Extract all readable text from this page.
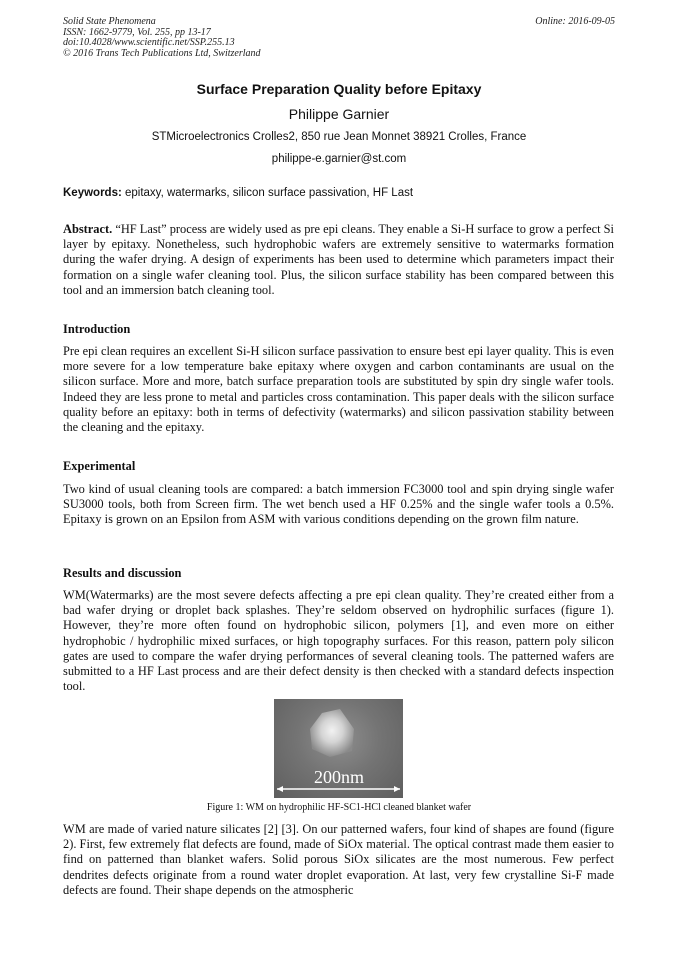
Solid State Phenomena
ISSN: 1662-9779, Vol. 255, pp 13-17
doi:10.4028/www.scientific.net/SSP.255.13
© 2016 Trans Tech Publications Ltd, Switzerland
Online: 2016-09-05
Surface Preparation Quality before Epitaxy
Philippe Garnier
STMicroelectronics Crolles2, 850 rue Jean Monnet 38921 Crolles, France
philippe-e.garnier@st.com
Keywords: epitaxy, watermarks, silicon surface passivation, HF Last

Abstract. “HF Last” process are widely used as pre epi cleans. They enable a Si-H surface to grow a perfect Si layer by epitaxy. Nonetheless, such hydrophobic wafers are extremely sensitive to watermarks formation during the wafer drying. A design of experiments has been used to determine which parameters impact their formation on a single wafer cleaning tool. Plus, the silicon surface stability has been compared between this tool and an immersion batch cleaning tool.

Introduction

Pre epi clean requires an excellent Si-H silicon surface passivation to ensure best epi layer quality. This is even more severe for a low temperature bake epitaxy where oxygen and carbon contaminants are usual on the silicon surface. More and more, batch surface preparation tools are substituted by spin dry single wafer tools. Indeed they are less prone to metal and particles cross contamination. This paper deals with the silicon surface quality before an epitaxy: both in terms of defectivity (watermarks) and silicon passivation stability between the cleaning and the epitaxy.

Experimental

Two kind of usual cleaning tools are compared: a batch immersion FC3000 tool and spin drying single wafer SU3000 tools, both from Screen firm. The wet bench used a HF 0.25% and the single wafer tools a 0.5%. Epitaxy is grown on an Epsilon from ASM with various conditions depending on the grown film nature.

Results and discussion

WM(Watermarks) are the most severe defects affecting a pre epi clean quality. They’re created either from a bad wafer drying or droplet back splashes. They’re seldom observed on hydrophilic surfaces (figure 1). However, they’re more often found on hydrophobic silicon, polymers [1], and even more on either hydrophobic / hydrophilic mixed surfaces, or high topography surfaces. For this reason, pattern poly silicon gates are used to compare the wafer drying performances of several cleaning tools. The patterned wafers are submitted to a HF Last process and are their defect density is then checked with a standard defects inspection tool.

200nm
Figure 1: WM on hydrophilic HF-SC1-HCl cleaned blanket wafer

WM are made of varied nature silicates [2] [3]. On our patterned wafers, four kind of shapes are found (figure 2). First, few extremely flat defects are found, made of SiOx material. The optical contrast made them easier to find on patterned than blanket wafers. Solid porous SiOx silicates are the most numerous. Few perfect dendrites defects originate from a round water droplet evaporation. At last, very few crystalline Si-F made defects are found. Their shape depends on the atmospheric
